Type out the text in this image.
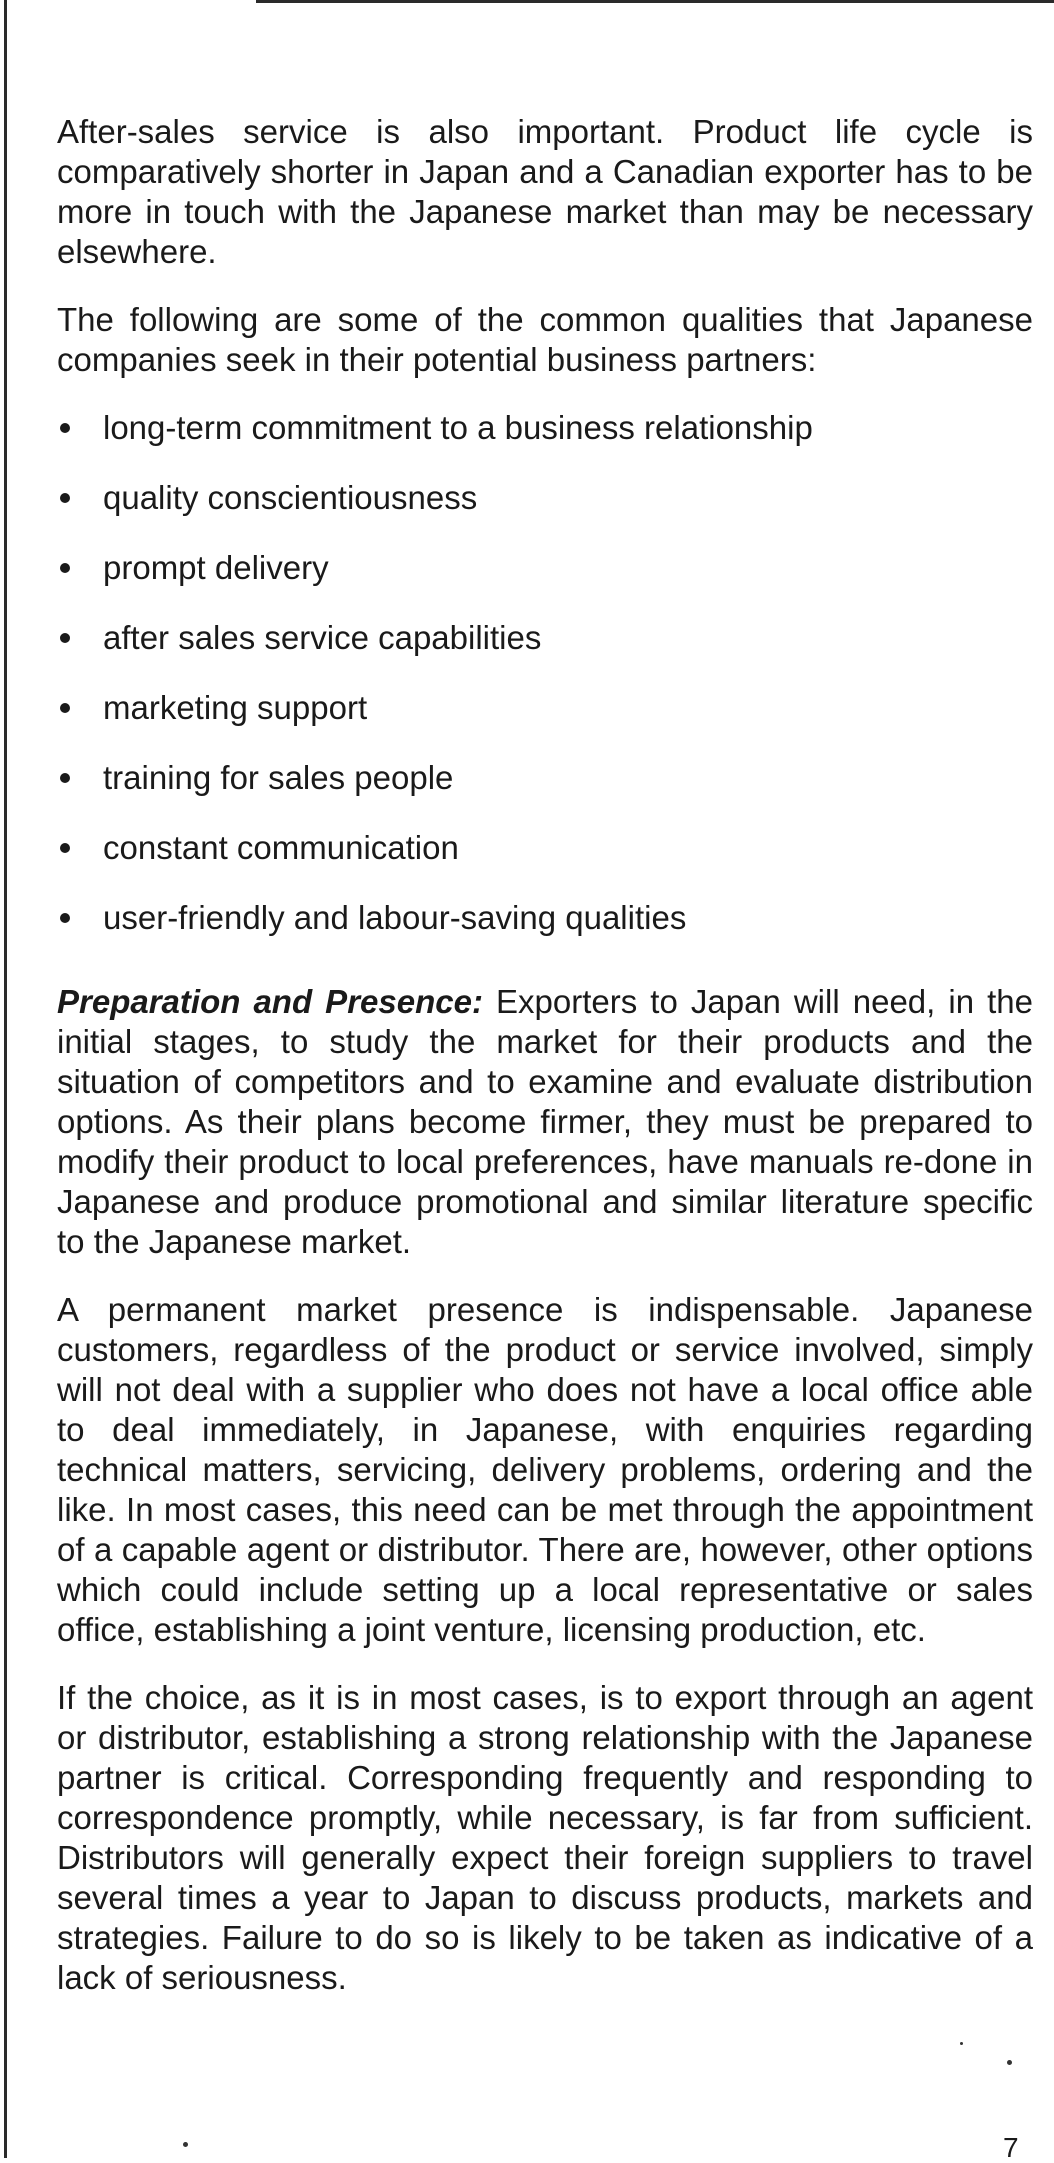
After-sales service is also important. Product life cycle is comparatively shorter in Japan and a Canadian exporter has to be more in touch with the Japanese market than may be necessary elsewhere.

The following are some of the common qualities that Japanese companies seek in their potential business partners:

long-term commitment to a business relationship
quality conscientiousness
prompt delivery
after sales service capabilities
marketing support
training for sales people
constant communication
user-friendly and labour-saving qualities

Preparation and Presence: Exporters to Japan will need, in the initial stages, to study the market for their products and the situation of competitors and to examine and evaluate distribution options. As their plans become firmer, they must be prepared to modify their product to local preferences, have manuals re-done in Japanese and produce promotional and similar literature specific to the Japanese market.

A permanent market presence is indispensable. Japanese customers, regardless of the product or service involved, simply will not deal with a supplier who does not have a local office able to deal immediately, in Japanese, with enquiries regarding technical matters, servicing, delivery problems, ordering and the like. In most cases, this need can be met through the appointment of a capable agent or distributor. There are, however, other options which could include setting up a local representative or sales office, establishing a joint venture, licensing production, etc.

If the choice, as it is in most cases, is to export through an agent or distributor, establishing a strong relationship with the Japanese partner is critical. Corresponding frequently and responding to correspondence promptly, while necessary, is far from sufficient. Distributors will generally expect their foreign suppliers to travel several times a year to Japan to discuss products, markets and strategies. Failure to do so is likely to be taken as indicative of a lack of seriousness.

7
